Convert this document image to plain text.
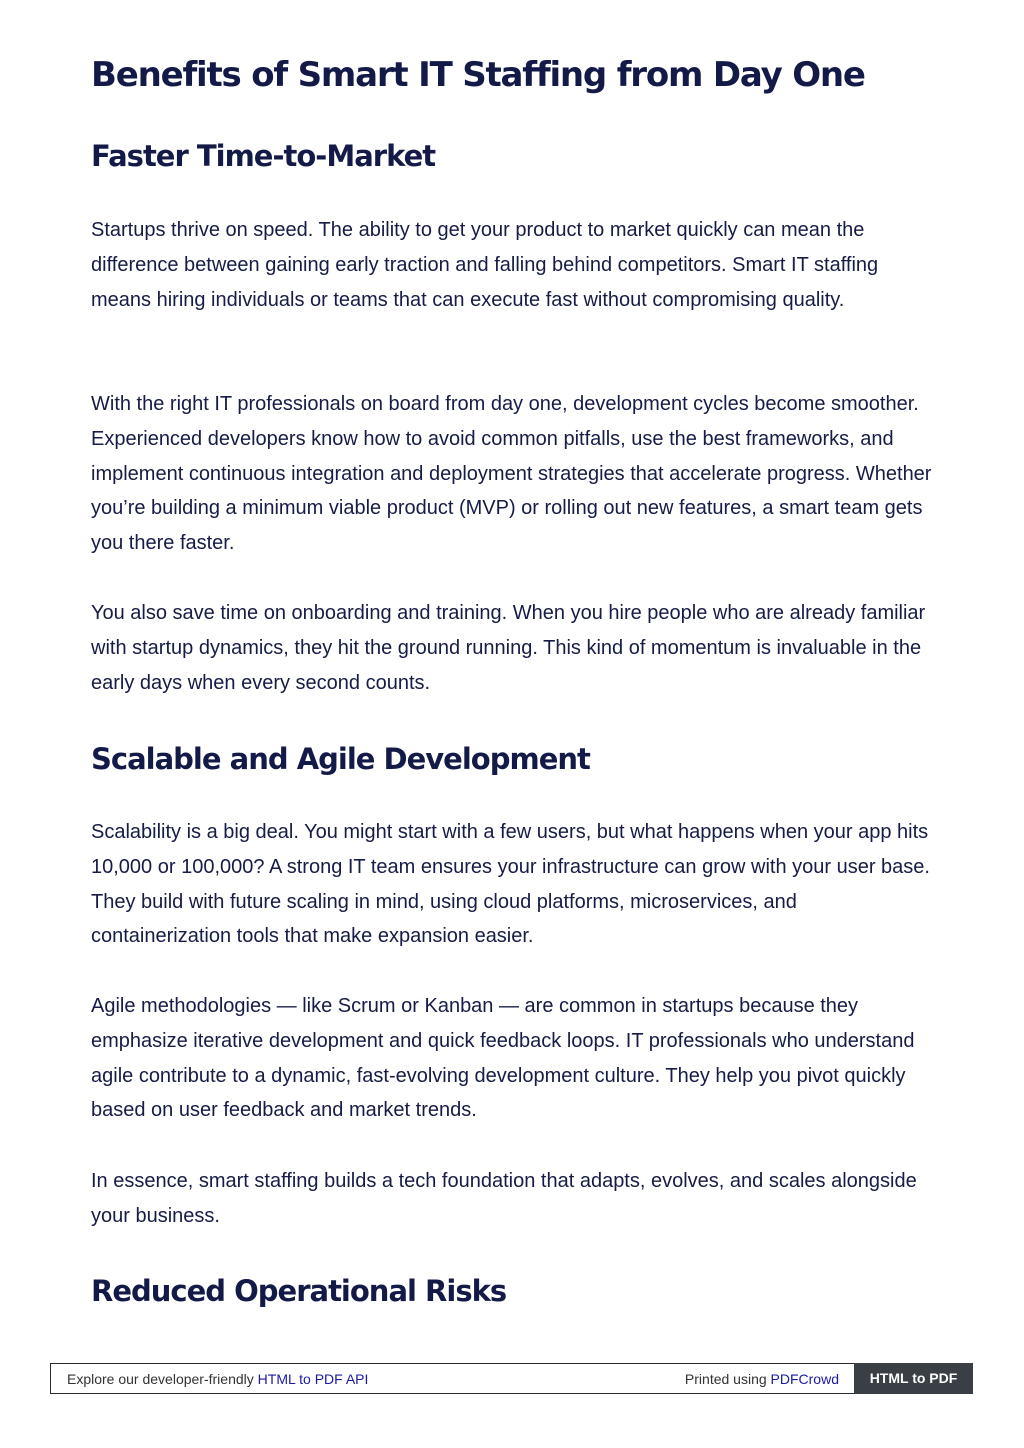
Benefits of Smart IT Staffing from Day One
Faster Time-to-Market

Startups thrive on speed. The ability to get your product to market quickly can mean the difference between gaining early traction and falling behind competitors. Smart IT staffing means hiring individuals or teams that can execute fast without compromising quality.

With the right IT professionals on board from day one, development cycles become smoother. Experienced developers know how to avoid common pitfalls, use the best frameworks, and implement continuous integration and deployment strategies that accelerate progress. Whether you’re building a minimum viable product (MVP) or rolling out new features, a smart team gets you there faster.

You also save time on onboarding and training. When you hire people who are already familiar with startup dynamics, they hit the ground running. This kind of momentum is invaluable in the early days when every second counts.

Scalable and Agile Development

Scalability is a big deal. You might start with a few users, but what happens when your app hits 10,000 or 100,000? A strong IT team ensures your infrastructure can grow with your user base. They build with future scaling in mind, using cloud platforms, microservices, and containerization tools that make expansion easier.

Agile methodologies — like Scrum or Kanban — are common in startups because they emphasize iterative development and quick feedback loops. IT professionals who understand agile contribute to a dynamic, fast-evolving development culture. They help you pivot quickly based on user feedback and market trends.

In essence, smart staffing builds a tech foundation that adapts, evolves, and scales alongside your business.

Reduced Operational Risks
Explore our developer-friendly HTML to PDF API	Printed using PDFCrowd	HTML to PDF
